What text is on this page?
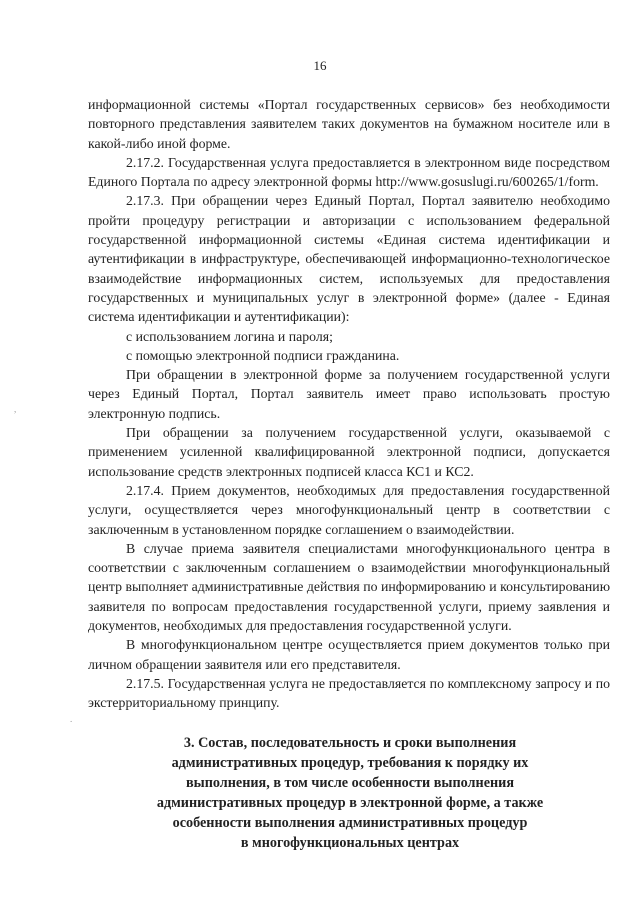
16

информационной системы «Портал государственных сервисов» без необходимости повторного представления заявителем таких документов на бумажном носителе или в какой-либо иной форме.

2.17.2. Государственная услуга предоставляется в электронном виде посредством Единого Портала по адресу электронной формы http://www.gosuslugi.ru/600265/1/form.

2.17.3. При обращении через Единый Портал, Портал заявителю необходимо пройти процедуру регистрации и авторизации с использованием федеральной государственной информационной системы «Единая система идентификации и аутентификации в инфраструктуре, обеспечивающей информационно-технологическое взаимодействие информационных систем, используемых для предоставления государственных и муниципальных услуг в электронной форме» (далее - Единая система идентификации и аутентификации):

с использованием логина и пароля;

с помощью электронной подписи гражданина.

При обращении в электронной форме за получением государственной услуги через Единый Портал, Портал заявитель имеет право использовать простую электронную подпись.

При обращении за получением государственной услуги, оказываемой с применением усиленной квалифицированной электронной подписи, допускается использование средств электронных подписей класса КС1 и КС2.

2.17.4. Прием документов, необходимых для предоставления государственной услуги, осуществляется через многофункциональный центр в соответствии с заключенным в установленном порядке соглашением о взаимодействии.

В случае приема заявителя специалистами многофункционального центра в соответствии с заключенным соглашением о взаимодействии многофункциональный центр выполняет административные действия по информированию и консультированию заявителя по вопросам предоставления государственной услуги, приему заявления и документов, необходимых для предоставления государственной услуги.

В многофункциональном центре осуществляется прием документов только при личном обращении заявителя или его представителя.

2.17.5. Государственная услуга не предоставляется по комплексному запросу и по экстерриториальному принципу.

3. Состав, последовательность и сроки выполнения
административных процедур, требования к порядку их
выполнения, в том числе особенности выполнения
административных процедур в электронной форме, а также
особенности выполнения административных процедур
в многофункциональных центрах
,
.
